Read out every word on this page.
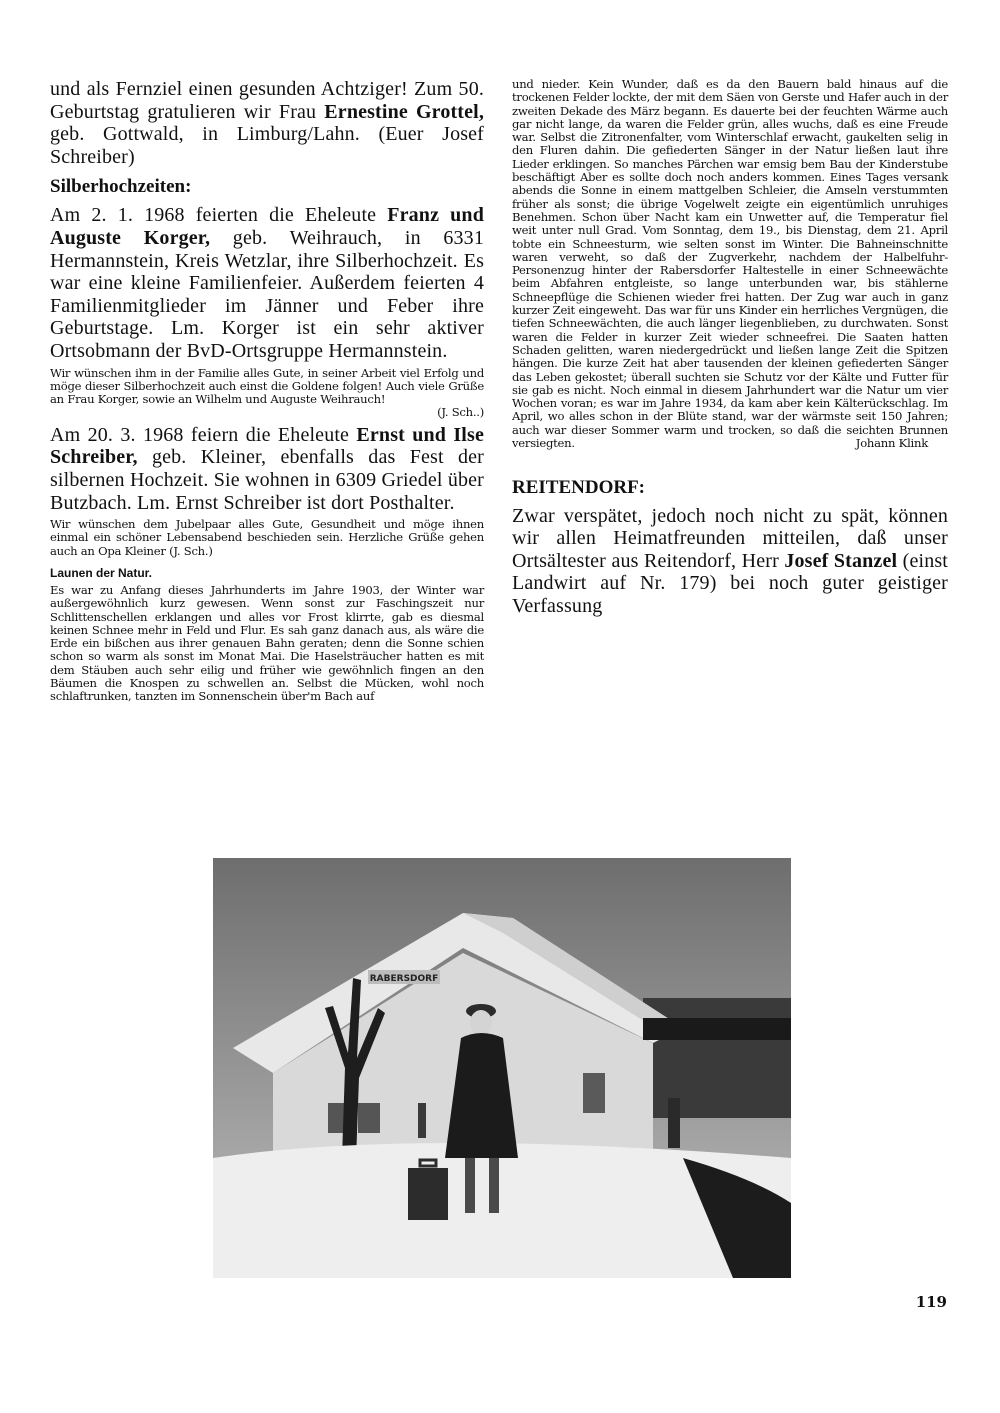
und als Fernziel einen gesunden Achtziger! Zum 50. Geburtstag gratulieren wir Frau Ernestine Grottel, geb. Gottwald, in Limburg/Lahn. (Euer Josef Schreiber)

Silberhochzeiten:

Am 2. 1. 1968 feierten die Eheleute Franz und Auguste Korger, geb. Weihrauch, in 6331 Hermannstein, Kreis Wetzlar, ihre Silberhochzeit. Es war eine kleine Familienfeier. Außerdem feierten 4 Familienmitglieder im Jänner und Feber ihre Geburtstage. Lm. Korger ist ein sehr aktiver Ortsobmann der BvD-Ortsgruppe Hermannstein.

Wir wünschen ihm in der Familie alles Gute, in seiner Arbeit viel Erfolg und möge dieser Silberhochzeit auch einst die Goldene folgen! Auch viele Grüße an Frau Korger, sowie an Wilhelm und Auguste Weihrauch!

(J. Sch..)

Am 20. 3. 1968 feiern die Eheleute Ernst und Ilse Schreiber, geb. Kleiner, ebenfalls das Fest der silbernen Hochzeit. Sie wohnen in 6309 Griedel über Butzbach. Lm. Ernst Schreiber ist dort Posthalter.

Wir wünschen dem Jubelpaar alles Gute, Gesundheit und möge ihnen einmal ein schöner Lebensabend beschieden sein. Herzliche Grüße gehen auch an Opa Kleiner (J. Sch.)

Launen der Natur.

Es war zu Anfang dieses Jahrhunderts im Jahre 1903, der Winter war außergewöhnlich kurz gewesen. Wenn sonst zur Faschingszeit nur Schlittenschellen erklangen und alles vor Frost klirrte, gab es diesmal keinen Schnee mehr in Feld und Flur. Es sah ganz danach aus, als wäre die Erde ein bißchen aus ihrer genauen Bahn geraten; denn die Sonne schien schon so warm als sonst im Monat Mai. Die Haselsträucher hatten es mit dem Stäuben auch sehr eilig und früher wie gewöhnlich fingen an den Bäumen die Knospen zu schwellen an. Selbst die Mücken, wohl noch schlaftrunken, tanzten im Sonnenschein über'm Bach auf

und nieder. Kein Wunder, daß es da den Bauern bald hinaus auf die trockenen Felder lockte, der mit dem Säen von Gerste und Hafer auch in der zweiten Dekade des März begann. Es dauerte bei der feuchten Wärme auch gar nicht lange, da waren die Felder grün, alles wuchs, daß es eine Freude war. Selbst die Zitronenfalter, vom Winterschlaf erwacht, gaukelten selig in den Fluren dahin. Die gefiederten Sänger in der Natur ließen laut ihre Lieder erklingen. So manches Pärchen war emsig bem Bau der Kinderstube beschäftigt Aber es sollte doch noch anders kommen. Eines Tages versank abends die Sonne in einem mattgelben Schleier, die Amseln verstummten früher als sonst; die übrige Vogelwelt zeigte ein eigentümlich unruhiges Benehmen. Schon über Nacht kam ein Unwetter auf, die Temperatur fiel weit unter null Grad. Vom Sonntag, dem 19., bis Dienstag, dem 21. April tobte ein Schneesturm, wie selten sonst im Winter. Die Bahneinschnitte waren verweht, so daß der Zugverkehr, nachdem der Halbelfuhr-Personenzug hinter der Rabersdorfer Haltestelle in einer Schneewächte beim Abfahren entgleiste, so lange unterbunden war, bis stählerne Schneepflüge die Schienen wieder frei hatten. Der Zug war auch in ganz kurzer Zeit eingeweht. Das war für uns Kinder ein herrliches Vergnügen, die tiefen Schneewächten, die auch länger liegenblieben, zu durchwaten. Sonst waren die Felder in kurzer Zeit wieder schneefrei. Die Saaten hatten Schaden gelitten, waren niedergedrückt und ließen lange Zeit die Spitzen hängen. Die kurze Zeit hat aber tausenden der kleinen gefiederten Sänger das Leben gekostet; überall suchten sie Schutz vor der Kälte und Futter für sie gab es nicht. Noch einmal in diesem Jahrhundert war die Natur um vier Wochen voran; es war im Jahre 1934, da kam aber kein Kälterückschlag. Im April, wo alles schon in der Blüte stand, war der wärmste seit 150 Jahren; auch war dieser Sommer warm und trocken, so daß die seichten Brunnen versiegten.	Johann Klink

REITENDORF:

Zwar verspätet, jedoch noch nicht zu spät, können wir allen Heimatfreunden mitteilen, daß unser Ortsältester aus Reitendorf, Herr Josef Stanzel (einst Landwirt auf Nr. 179) bei noch guter geistiger Verfassung

RABERSDORF
119
